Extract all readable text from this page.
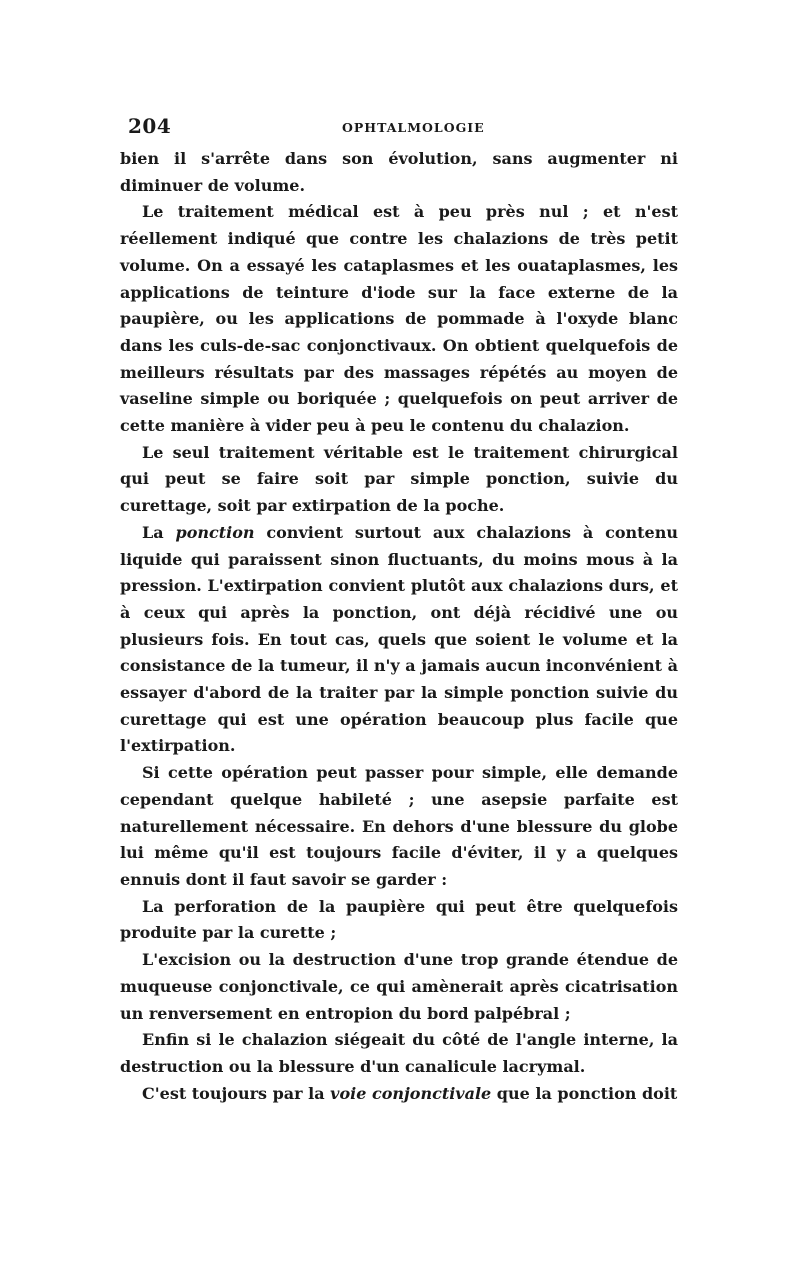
204	OPHTALMOLOGIE

bien il s'arrête dans son évolution, sans augmenter ni diminuer de volume.

Le traitement médical est à peu près nul ; et n'est réellement indiqué que contre les chalazions de très petit volume. On a essayé les cataplasmes et les ouataplasmes, les applications de teinture d'iode sur la face externe de la paupière, ou les applications de pommade à l'oxyde blanc dans les culs-de-sac conjonctivaux. On obtient quelquefois de meilleurs résultats par des massages répétés au moyen de vaseline simple ou boriquée ; quelquefois on peut arriver de cette manière à vider peu à peu le contenu du chalazion.

Le seul traitement véritable est le traitement chirurgical qui peut se faire soit par simple ponction, suivie du curettage, soit par extirpation de la poche.

La ponction convient surtout aux chalazions à contenu liquide qui paraissent sinon fluctuants, du moins mous à la pression. L'extirpation convient plutôt aux chalazions durs, et à ceux qui après la ponction, ont déjà récidivé une ou plusieurs fois. En tout cas, quels que soient le volume et la consistance de la tumeur, il n'y a jamais aucun inconvénient à essayer d'abord de la traiter par la simple ponction suivie du curettage qui est une opération beaucoup plus facile que l'extirpation.

Si cette opération peut passer pour simple, elle demande cependant quelque habileté ; une asepsie parfaite est naturellement nécessaire. En dehors d'une blessure du globe lui même qu'il est toujours facile d'éviter, il y a quelques ennuis dont il faut savoir se garder :

La perforation de la paupière qui peut être quelquefois produite par la curette ;

L'excision ou la destruction d'une trop grande étendue de muqueuse conjonctivale, ce qui amènerait après cicatrisation un renversement en entropion du bord palpébral ;

Enfin si le chalazion siégeait du côté de l'angle interne, la destruction ou la blessure d'un canalicule lacrymal.

C'est toujours par la voie conjonctivale que la ponction doit
